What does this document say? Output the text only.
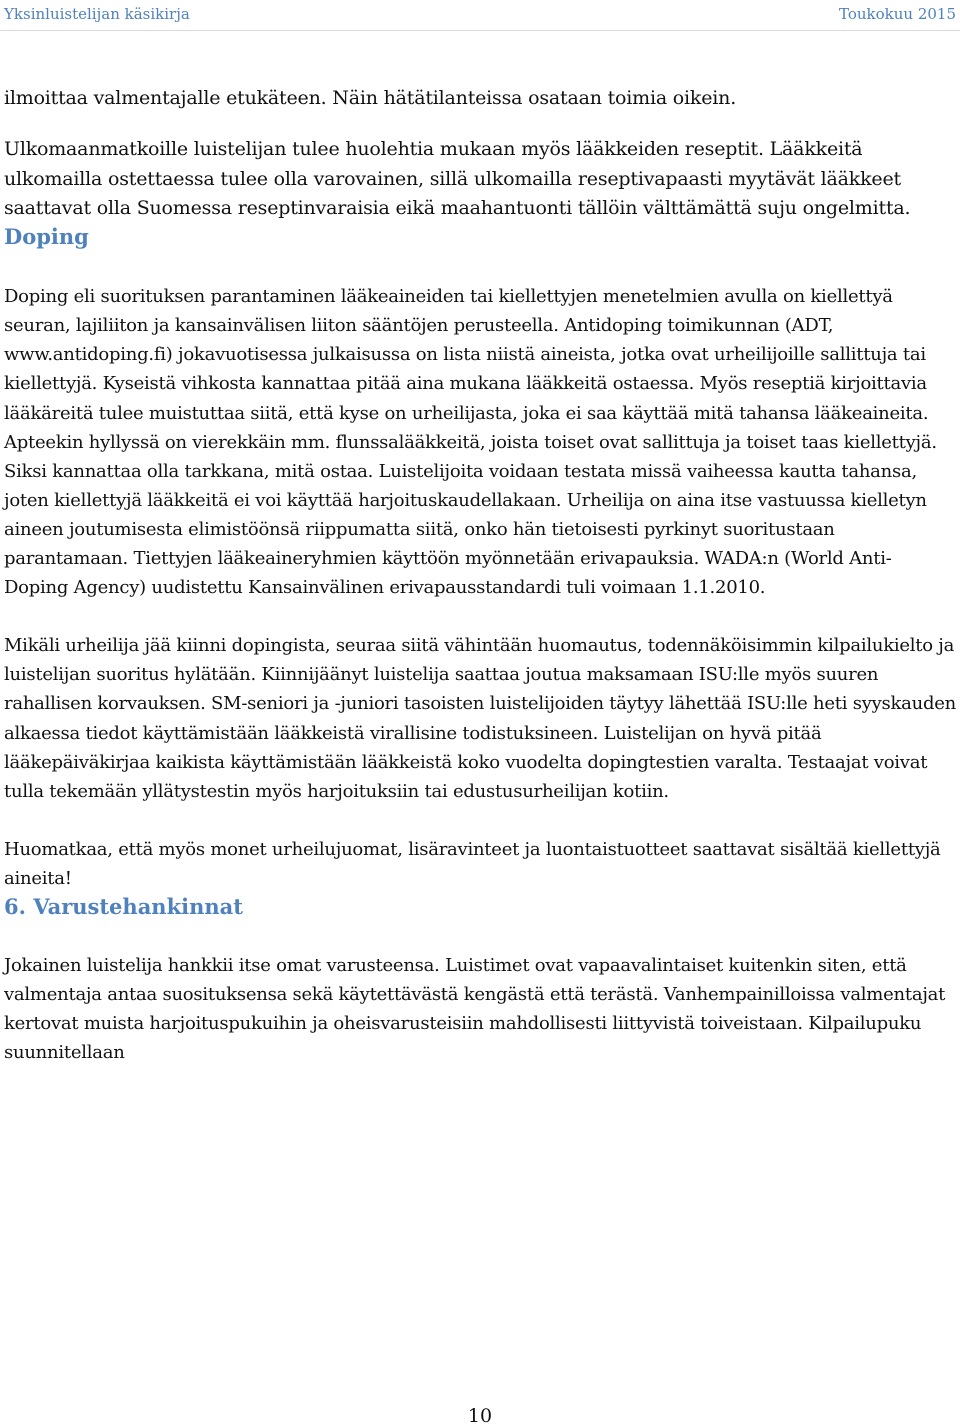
Yksinluistelijan käsikirja	Toukokuu 2015

ilmoittaa valmentajalle etukäteen. Näin hätätilanteissa osataan toimia oikein.

Ulkomaanmatkoille luistelijan tulee huolehtia mukaan myös lääkkeiden reseptit. Lääkkeitä ulkomailla ostettaessa tulee olla varovainen, sillä ulkomailla reseptivapaasti myytävät lääkkeet saattavat olla Suomessa reseptinvaraisia eikä maahantuonti tällöin välttämättä suju ongelmitta.

Doping

Doping eli suorituksen parantaminen lääkeaineiden tai kiellettyjen menetelmien avulla on kiellettyä seuran, lajiliiton ja kansainvälisen liiton sääntöjen perusteella. Antidoping toimikunnan (ADT, www.antidoping.fi) jokavuotisessa julkaisussa on lista niistä aineista, jotka ovat urheilijoille sallittuja tai kiellettyjä. Kyseistä vihkosta kannattaa pitää aina mukana lääkkeitä ostaessa. Myös reseptiä kirjoittavia lääkäreitä tulee muistuttaa siitä, että kyse on urheilijasta, joka ei saa käyttää mitä tahansa lääkeaineita. Apteekin hyllyssä on vierekkäin mm. flunssalääkkeitä, joista toiset ovat sallittuja ja toiset taas kiellettyjä. Siksi kannattaa olla tarkkana, mitä ostaa. Luistelijoita voidaan testata missä vaiheessa kautta tahansa, joten kiellettyjä lääkkeitä ei voi käyttää harjoituskaudellakaan. Urheilija on aina itse vastuussa kielletyn aineen joutumisesta elimistöönsä riippumatta siitä, onko hän tietoisesti pyrkinyt suoritustaan parantamaan. Tiettyjen lääkeaineryhmien käyttöön myönnetään erivapauksia. WADA:n (World Anti- Doping Agency) uudistettu Kansainvälinen erivapausstandardi tuli voimaan 1.1.2010.

Mikäli urheilija jää kiinni dopingista, seuraa siitä vähintään huomautus, todennäköisimmin kilpailukielto ja luistelijan suoritus hylätään. Kiinnijäänyt luistelija saattaa joutua maksamaan ISU:lle myös suuren rahallisen korvauksen. SM-seniori ja -juniori tasoisten luistelijoiden täytyy lähettää ISU:lle heti syyskauden alkaessa tiedot käyttämistään lääkkeistä virallisine todistuksineen. Luistelijan on hyvä pitää lääkepäiväkirjaa kaikista käyttämistään lääkkeistä koko vuodelta dopingtestien varalta. Testaajat voivat tulla tekemään yllätystestin myös harjoituksiin tai edustusurheilijan kotiin.

Huomatkaa, että myös monet urheilujuomat, lisäravinteet ja luontaistuotteet saattavat sisältää kiellettyjä aineita!

6. Varustehankinnat

Jokainen luistelija hankkii itse omat varusteensa. Luistimet ovat vapaavalintaiset kuitenkin siten, että valmentaja antaa suosituksensa sekä käytettävästä kengästä että terästä. Vanhempainilloissa valmentajat kertovat muista harjoituspukuihin ja oheisvarusteisiin mahdollisesti liittyvistä toiveistaan. Kilpailupuku suunnitellaan

10
